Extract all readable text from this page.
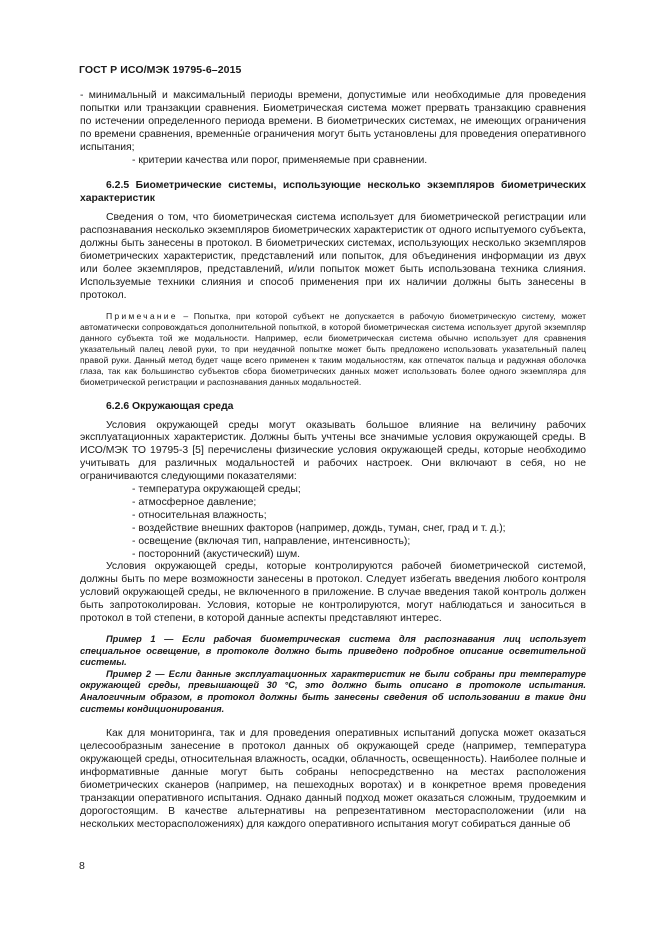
ГОСТ Р ИСО/МЭК 19795-6–2015

- минимальный и максимальный периоды времени, допустимые или необходимые для проведения попытки или транзакции сравнения. Биометрическая система может прервать транзакцию сравнения по истечении определенного периода времени. В биометрических системах, не имеющих ограничения по времени сравнения, временны́е ограничения могут быть установлены для проведения оперативного испытания;

- критерии качества или порог, применяемые при сравнении.

6.2.5 Биометрические системы, использующие несколько экземпляров биометрических характеристик

Сведения о том, что биометрическая система использует для биометрической регистрации или распознавания несколько экземпляров биометрических характеристик от одного испытуемого субъекта, должны быть занесены в протокол. В биометрических системах, использующих несколько экземпляров биометрических характеристик, представлений или попыток, для объединения информации из двух или более экземпляров, представлений, и/или попыток может быть использована техника слияния. Используемые техники слияния и способ применения при их наличии должны быть занесены в протокол.

Примечание – Попытка, при которой субъект не допускается в рабочую биометрическую систему, может автоматически сопровождаться дополнительной попыткой, в которой биометрическая система использует другой экземпляр данного субъекта той же модальности. Например, если биометрическая система обычно использует для сравнения указательный палец левой руки, то при неудачной попытке может быть предложено использовать указательный палец правой руки. Данный метод будет чаще всего применен к таким модальностям, как отпечаток пальца и радужная оболочка глаза, так как большинство субъектов сбора биометрических данных может использовать более одного экземпляра для биометрической регистрации и распознавания данных модальностей.

6.2.6 Окружающая среда

Условия окружающей среды могут оказывать большое влияние на величину рабочих эксплуатационных характеристик. Должны быть учтены все значимые условия окружающей среды. В ИСО/МЭК ТО 19795-3 [5] перечислены физические условия окружающей среды, которые необходимо учитывать для различных модальностей и рабочих настроек. Они включают в себя, но не ограничиваются следующими показателями:

- температура окружающей среды;

- атмосферное давление;

- относительная влажность;

- воздействие внешних факторов (например, дождь, туман, снег, град и т. д.);

- освещение (включая тип, направление, интенсивность);

- посторонний (акустический) шум.

Условия окружающей среды, которые контролируются рабочей биометрической системой, должны быть по мере возможности занесены в протокол. Следует избегать введения любого контроля условий окружающей среды, не включенного в приложение. В случае введения такой контроль должен быть запротоколирован. Условия, которые не контролируются, могут наблюдаться и заноситься в протокол в той степени, в которой данные аспекты представляют интерес.

Пример 1 — Если рабочая биометрическая система для распознавания лиц использует специальное освещение, в протоколе должно быть приведено подробное описание осветительной системы.

Пример 2 — Если данные эксплуатационных характеристик не были собраны при температуре окружающей среды, превышающей 30 °C, это должно быть описано в протоколе испытания. Аналогичным образом, в протокол должны быть занесены сведения об использовании в такие дни системы кондиционирования.

Как для мониторинга, так и для проведения оперативных испытаний допуска может оказаться целесообразным занесение в протокол данных об окружающей среде (например, температура окружающей среды, относительная влажность, осадки, облачность, освещенность). Наиболее полные и информативные данные могут быть собраны непосредственно на местах расположения биометрических сканеров (например, на пешеходных воротах) и в конкретное время проведения транзакции оперативного испытания. Однако данный подход может оказаться сложным, трудоемким и дорогостоящим. В качестве альтернативы на репрезентативном месторасположении (или на нескольких месторасположениях) для каждого оперативного испытания могут собираться данные об

8
